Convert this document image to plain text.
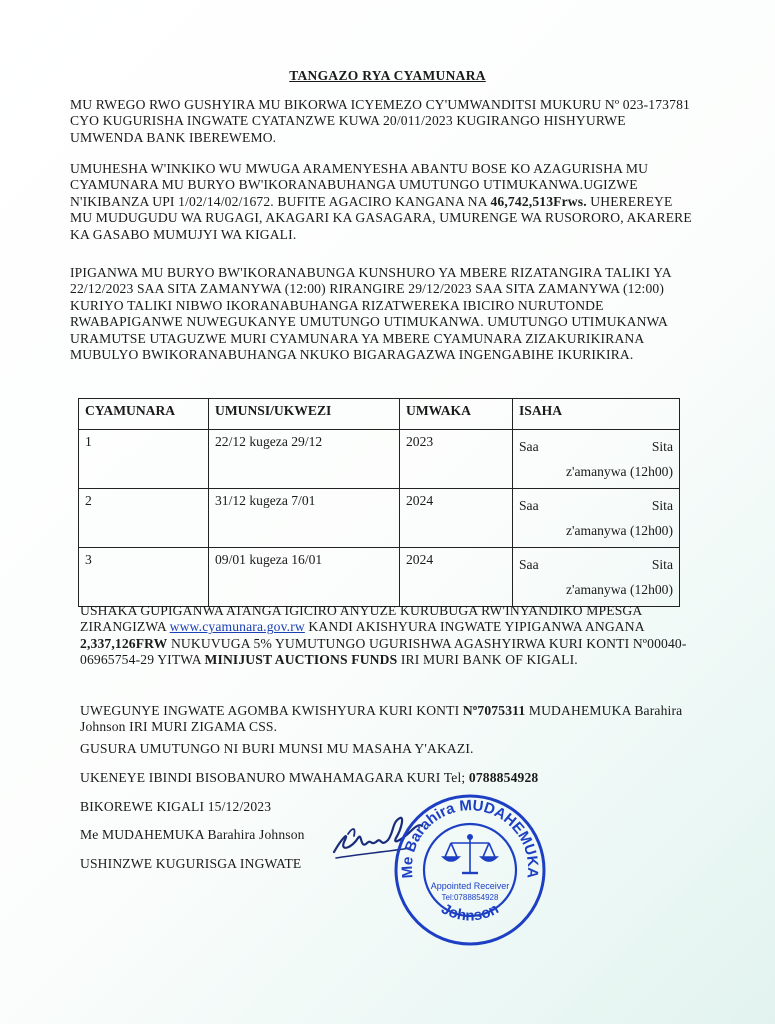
TANGAZO RYA CYAMUNARA

MU RWEGO RWO GUSHYIRA MU BIKORWA ICYEMEZO CY'UMWANDITSI MUKURU Nº 023-173781 CYO KUGURISHA INGWATE CYATANZWE KUWA 20/011/2023 KUGIRANGO HISHYURWE UMWENDA BANK IBEREWEMO.

UMUHESHA W'INKIKO WU MWUGA ARAMENYESHA ABANTU BOSE KO AZAGURISHA MU CYAMUNARA MU BURYO BW'IKORANABUHANGA UMUTUNGO UTIMUKANWA.UGIZWE N'IKIBANZA UPI 1/02/14/02/1672. BUFITE AGACIRO KANGANA NA 46,742,513Frws. UHEREREYE MU MUDUGUDU WA RUGAGI, AKAGARI KA GASAGARA, UMURENGE WA RUSORORO, AKARERE KA GASABO MUMUJYI WA KIGALI.

IPIGANWA MU BURYO BW'IKORANABUNGA KUNSHURO YA MBERE RIZATANGIRA TALIKI YA 22/12/2023 SAA SITA ZAMANYWA (12:00) RIRANGIRE 29/12/2023 SAA SITA ZAMANYWA (12:00) KURIYO TALIKI NIBWO IKORANABUHANGA RIZATWEREKA IBICIRO NURUTONDE RWABAPIGANWE NUWEGUKANYE UMUTUNGO UTIMUKANWA. UMUTUNGO UTIMUKANWA URAMUTSE UTAGUZWE MURI CYAMUNARA YA MBERE CYAMUNARA ZIZAKURIKIRANA MUBULYO BWIKORANABUHANGA NKUKO BIGARAGAZWA INGENGABIHE IKURIKIRA.

CYAMUNARA	UMUNSI/UKWEZI	UMWAKA	ISAHA
1	22/12 kugeza 29/12	2023	Saa Sita
z'amanywa (12h00)

2	31/12 kugeza 7/01	2024	Saa Sita
z'amanywa (12h00)

3	09/01 kugeza 16/01	2024	Saa Sita
z'amanywa (12h00)

USHAKA GUPIGANWA ATANGA IGICIRO ANYUZE KURUBUGA RW'INYANDIKO MPESGA ZIRANGIZWA www.cyamunara.gov.rw KANDI AKISHYURA INGWATE YIPIGANWA ANGANA 2,337,126FRW NUKUVUGA 5% YUMUTUNGO UGURISHWA AGASHYIRWA KURI KONTI Nº00040-06965754-29 YITWA MINIJUST AUCTIONS FUNDS IRI MURI BANK OF KIGALI.

UWEGUNYE INGWATE AGOMBA KWISHYURA KURI KONTI Nº7075311 MUDAHEMUKA Barahira Johnson IRI MURI ZIGAMA CSS.

GUSURA UMUTUNGO NI BURI MUNSI MU MASAHA Y'AKAZI.

UKENEYE IBINDI BISOBANURO MWAHAMAGARA KURI Tel; 0788854928

BIKOREWE KIGALI 15/12/2023

Me MUDAHEMUKA Barahira Johnson

USHINZWE KUGURISGA INGWATE

Me Barahira MUDAHEMUKA
Johnson
Appointed Receiver
Tel:0788854928
